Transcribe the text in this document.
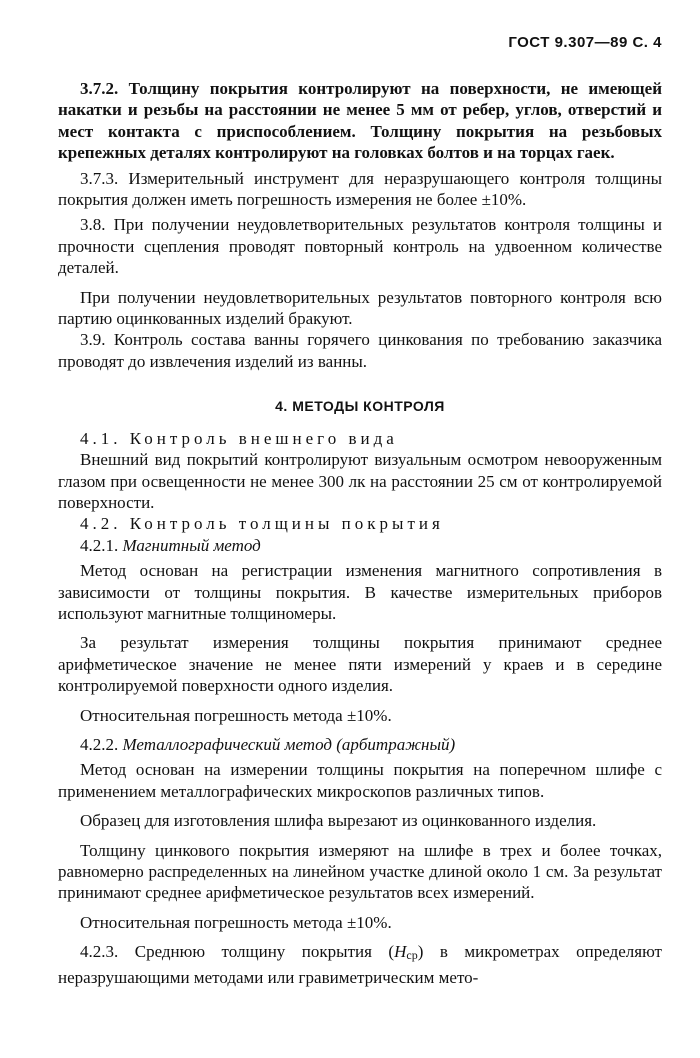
ГОСТ 9.307—89 С. 4

3.7.2. Толщину покрытия контролируют на поверхности, не имеющей накатки и резьбы на расстоянии не менее 5 мм от ребер, углов, отверстий и мест контакта с приспособлением. Толщину покрытия на резьбовых крепежных деталях контролируют на головках болтов и на торцах гаек.

3.7.3. Измерительный инструмент для неразрушающего контроля толщины покрытия должен иметь погрешность измерения не более ±10%.

3.8. При получении неудовлетворительных результатов контроля толщины и прочности сцепления проводят повторный контроль на удвоенном количестве деталей.

При получении неудовлетворительных результатов повторного контроля всю партию оцинкованных изделий бракуют.

3.9. Контроль состава ванны горячего цинкования по требованию заказчика проводят до извлечения изделий из ванны.

4. МЕТОДЫ КОНТРОЛЯ

4.1. Контроль внешнего вида

Внешний вид покрытий контролируют визуальным осмотром невооруженным глазом при освещенности не менее 300 лк на расстоянии 25 см от контролируемой поверхности.

4.2. Контроль толщины покрытия

4.2.1. Магнитный метод

Метод основан на регистрации изменения магнитного сопротивления в зависимости от толщины покрытия. В качестве измерительных приборов используют магнитные толщиномеры.

За результат измерения толщины покрытия принимают среднее арифметическое значение не менее пяти измерений у краев и в середине контролируемой поверхности одного изделия.

Относительная погрешность метода ±10%.

4.2.2. Металлографический метод (арбитражный)

Метод основан на измерении толщины покрытия на поперечном шлифе с применением металлографических микроскопов различных типов.

Образец для изготовления шлифа вырезают из оцинкованного изделия.

Толщину цинкового покрытия измеряют на шлифе в трех и более точках, равномерно распределенных на линейном участке длиной около 1 см. За результат принимают среднее арифметическое результатов всех измерений.

Относительная погрешность метода ±10%.

4.2.3. Среднюю толщину покрытия (Hср) в микрометрах определяют неразрушающими методами или гравиметрическим мето-
